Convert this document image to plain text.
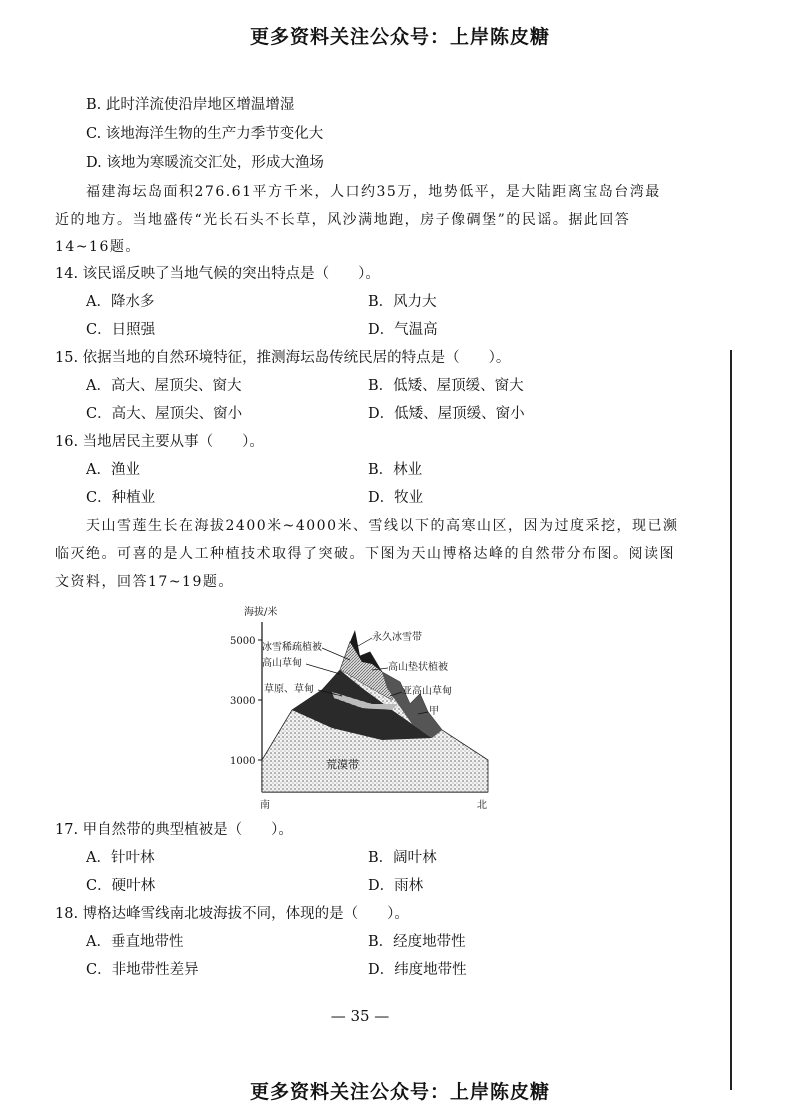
更多资料关注公众号：上岸陈皮糖
B. 此时洋流使沿岸地区增温增湿
C. 该地海洋生物的生产力季节变化大
D. 该地为寒暖流交汇处，形成大渔场
福建海坛岛面积276.61平方千米，人口约35万，地势低平，是大陆距离宝岛台湾最
近的地方。当地盛传“光长石头不长草，风沙满地跑，房子像碉堡”的民谣。据此回答
14~16题。
14. 该民谣反映了当地气候的突出特点是（　　）。
A．降水多	B．风力大
C．日照强	D．气温高
15. 依据当地的自然环境特征，推测海坛岛传统民居的特点是（　　）。
A．高大、屋顶尖、窗大	B．低矮、屋顶缓、窗大
C．高大、屋顶尖、窗小	D．低矮、屋顶缓、窗小
16. 当地居民主要从事（　　）。
A．渔业	B．林业
C．种植业	D．牧业
天山雪莲生长在海拔2400米~4000米、雪线以下的高寒山区，因为过度采挖，现已濒
临灭绝。可喜的是人工种植技术取得了突破。下图为天山博格达峰的自然带分布图。阅读图
文资料，回答17~19题。
海拔/米
5000
3000
1000
南	北
冰雪稀疏植被
高山草甸
草原、草甸
永久冰雪带
高山垫状植被
亚高山草甸
甲
荒漠带
17. 甲自然带的典型植被是（　　）。
A．针叶林	B．阔叶林
C．硬叶林	D．雨林
18. 博格达峰雪线南北坡海拔不同，体现的是（　　）。
A．垂直地带性	B．经度地带性
C．非地带性差异	D．纬度地带性
— 35 —
更多资料关注公众号：上岸陈皮糖
